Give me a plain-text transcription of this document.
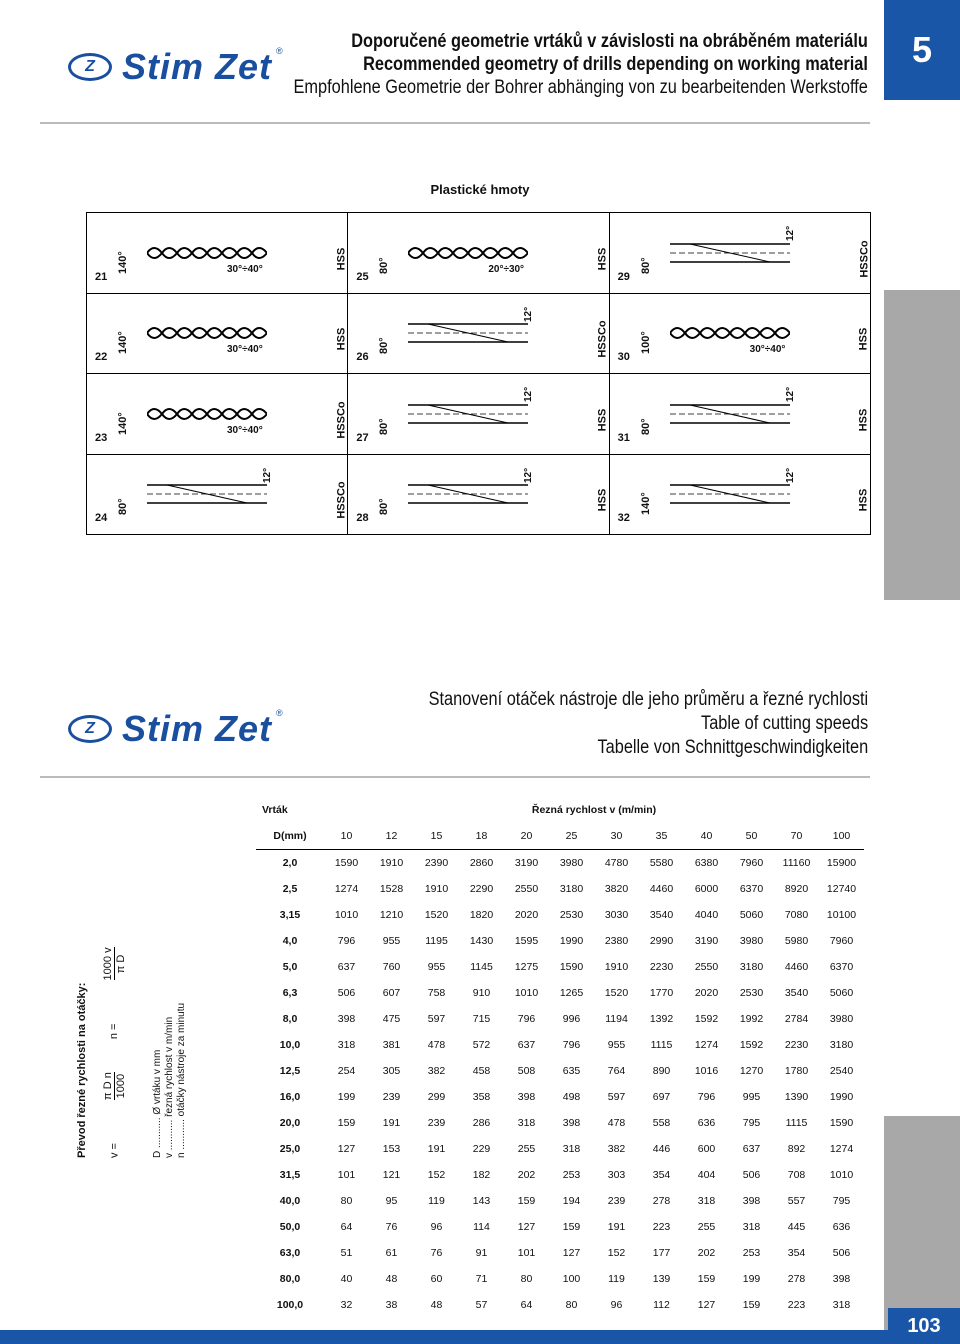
Z Stim Zet ®	Doporučené geometrie vrtáků v závislosti na obráběném materiálu
Recommended geometry of drills depending on working material
Empfohlene Geometrie der Bohrer abhänging von zu bearbeitenden Werkstoffe
5
Plastické hmoty
21
140°	30°÷40°	HSS
25
80°	20°÷30°	HSS
29
80°
12°
HSSCo
22
140°	30°÷40°	HSS
26
80°
12°
HSSCo 30
100°	30°÷40°	HSS
23
140°	30°÷40°	HSSCo 27
80°
12°
HSS
31
80°
12°
HSS
24
80°
12°
HSSCo 28
80°
12°
HSS
32
140°
12°
HSS
Z Stim Zet ®
Stanovení otáček nástroje dle jeho průměru a řezné rychlosti
Table of cutting speeds
Tabelle von Schnittgeschwindigkeiten
Převod řezné rychlosti na otáčky:	v =
π D n 1000
n =
1000 v π D
D ........... Ø vrtáku v mm v ........... řezná rychlost v m/min n ........... otáčky nástroje za minutu
Vrták	Řezná rychlost v (m/min)											
D(mm)	10	12	15	18	20	25	30	35	40	50	70	100
2,0	1590	1910	2390	2860	3190	3980	4780	5580	6380	7960	11160	15900
2,5	1274	1528	1910	2290	2550	3180	3820	4460	6000	6370	8920	12740
3,15	1010	1210	1520	1820	2020	2530	3030	3540	4040	5060	7080	10100
4,0	796	955	1195	1430	1595	1990	2380	2990	3190	3980	5980	7960
5,0	637	760	955	1145	1275	1590	1910	2230	2550	3180	4460	6370
6,3	506	607	758	910	1010	1265	1520	1770	2020	2530	3540	5060
8,0	398	475	597	715	796	996	1194	1392	1592	1992	2784	3980
10,0	318	381	478	572	637	796	955	1115	1274	1592	2230	3180
12,5	254	305	382	458	508	635	764	890	1016	1270	1780	2540
16,0	199	239	299	358	398	498	597	697	796	995	1390	1990
20,0	159	191	239	286	318	398	478	558	636	795	1115	1590
25,0	127	153	191	229	255	318	382	446	600	637	892	1274
31,5	101	121	152	182	202	253	303	354	404	506	708	1010
40,0	80	95	119	143	159	194	239	278	318	398	557	795
50,0	64	76	96	114	127	159	191	223	255	318	445	636
63,0	51	61	76	91	101	127	152	177	202	253	354	506
80,0	40	48	60	71	80	100	119	139	159	199	278	398
100,0	32	38	48	57	64	80	96	112	127	159	223	318
103
